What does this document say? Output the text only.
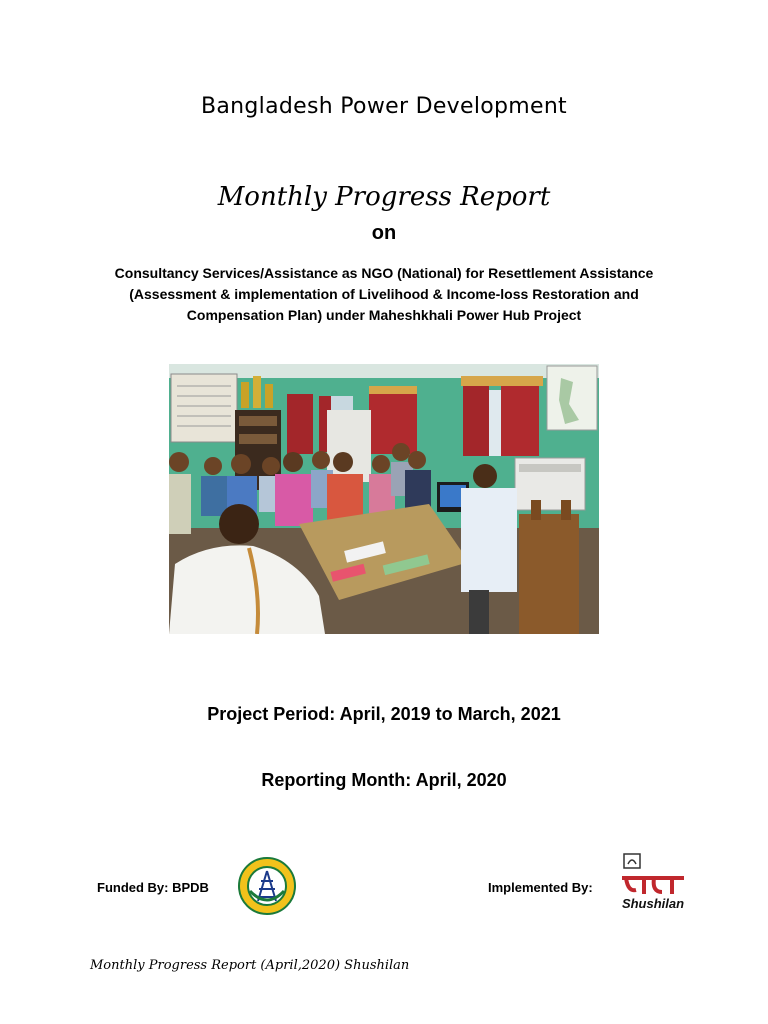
Bangladesh Power Development
Monthly Progress Report
on
Consultancy Services/Assistance as NGO (National) for Resettlement Assistance (Assessment & implementation of Livelihood & Income-loss Restoration and Compensation Plan) under Maheshkhali Power Hub Project
Project Period: April, 2019 to March, 2021
Reporting Month: April, 2020
Funded By: BPDB	Implemented By:
Shushilan
Monthly Progress Report (April,2020) Shushilan
